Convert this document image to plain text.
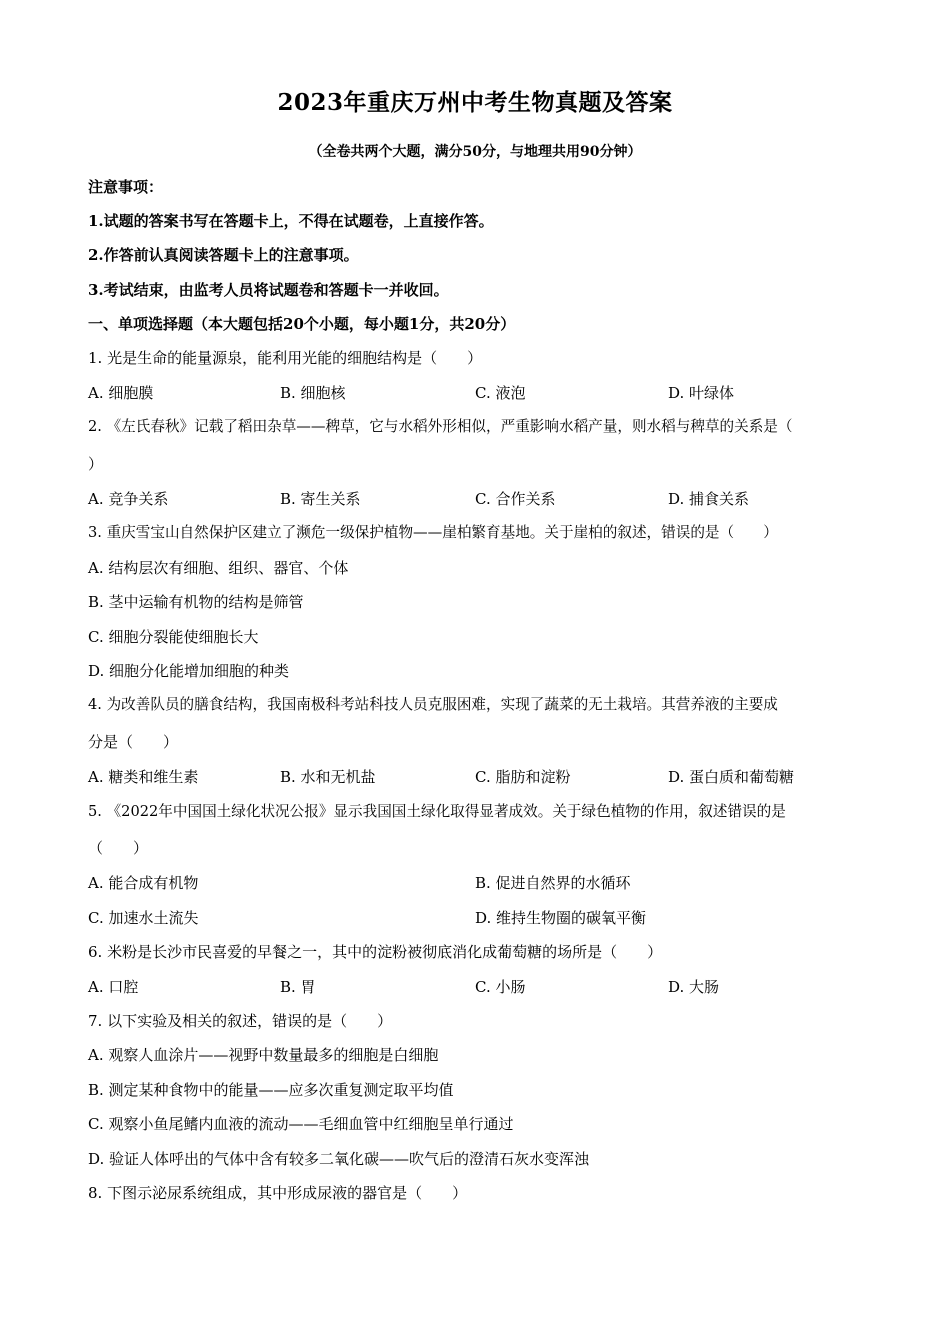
2023年重庆万州中考生物真题及答案
（全卷共两个大题，满分50分，与地理共用90分钟）
注意事项：
1.试题的答案书写在答题卡上，不得在试题卷，上直接作答。
2.作答前认真阅读答题卡上的注意事项。
3.考试结束，由监考人员将试题卷和答题卡一并收回。
一、单项选择题（本大题包括20个小题，每小题1分，共20分）
1. 光是生命的能量源泉，能利用光能的细胞结构是（　　）
A. 细胞膜	B. 细胞核	C. 液泡	D. 叶绿体
2. 《左氏春秋》记载了稻田杂草——稗草，它与水稻外形相似，严重影响水稻产量，则水稻与稗草的关系是（
）
A. 竞争关系	B. 寄生关系	C. 合作关系	D. 捕食关系
3. 重庆雪宝山自然保护区建立了濒危一级保护植物——崖柏繁育基地。关于崖柏的叙述，错误的是（　　）
A. 结构层次有细胞、组织、器官、个体
B. 茎中运输有机物的结构是筛管
C. 细胞分裂能使细胞长大
D. 细胞分化能增加细胞的种类
4. 为改善队员的膳食结构，我国南极科考站科技人员克服困难，实现了蔬菜的无土栽培。其营养液的主要成
分是（　　）
A. 糖类和维生素	B. 水和无机盐	C. 脂肪和淀粉	D. 蛋白质和葡萄糖
5. 《2022年中国国土绿化状况公报》显示我国国土绿化取得显著成效。关于绿色植物的作用，叙述错误的是
（　　）
A. 能合成有机物	B. 促进自然界的水循环
C. 加速水土流失	D. 维持生物圈的碳氧平衡
6. 米粉是长沙市民喜爱的早餐之一，其中的淀粉被彻底消化成葡萄糖的场所是（　　）
A. 口腔	B. 胃	C. 小肠	D. 大肠
7. 以下实验及相关的叙述，错误的是（　　）
A. 观察人血涂片——视野中数量最多的细胞是白细胞
B. 测定某种食物中的能量——应多次重复测定取平均值
C. 观察小鱼尾鳍内血液的流动——毛细血管中红细胞呈单行通过
D. 验证人体呼出的气体中含有较多二氧化碳——吹气后的澄清石灰水变浑浊
8. 下图示泌尿系统组成，其中形成尿液的器官是（　　）
